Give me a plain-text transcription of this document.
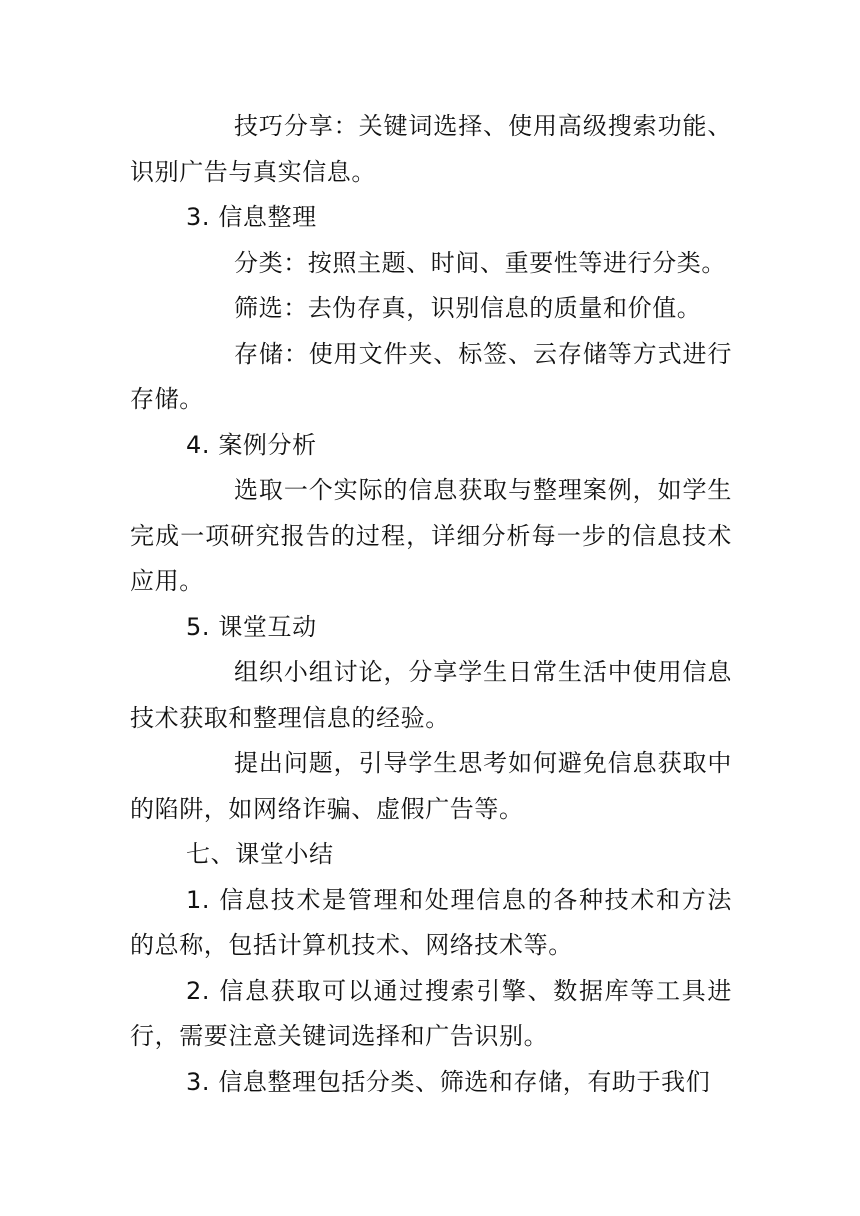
技巧分享：关键词选择、使用高级搜索功能、识别广告与真实信息。

3. 信息整理

分类：按照主题、时间、重要性等进行分类。

筛选：去伪存真，识别信息的质量和价值。

存储：使用文件夹、标签、云存储等方式进行存储。

4. 案例分析

选取一个实际的信息获取与整理案例，如学生完成一项研究报告的过程，详细分析每一步的信息技术应用。

5. 课堂互动

组织小组讨论，分享学生日常生活中使用信息技术获取和整理信息的经验。

提出问题，引导学生思考如何避免信息获取中的陷阱，如网络诈骗、虚假广告等。

七、课堂小结

1. 信息技术是管理和处理信息的各种技术和方法的总称，包括计算机技术、网络技术等。

2. 信息获取可以通过搜索引擎、数据库等工具进行，需要注意关键词选择和广告识别。

3. 信息整理包括分类、筛选和存储，有助于我们
